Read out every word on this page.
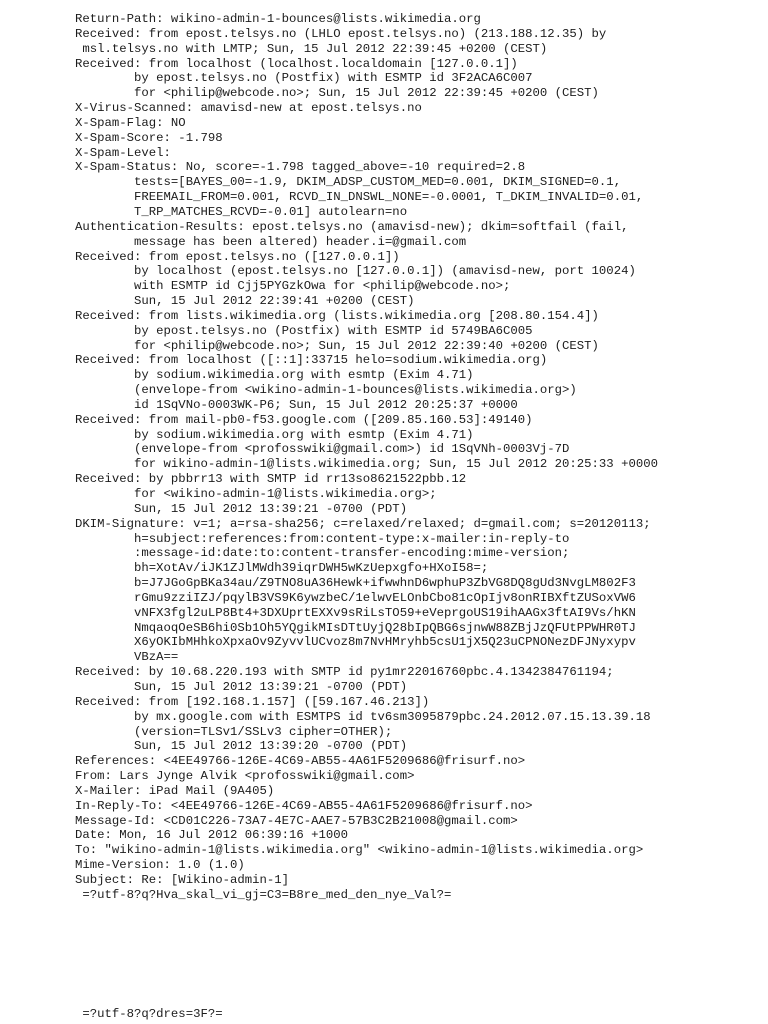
Return-Path: wikino-admin-1-bounces@lists.wikimedia.org
Received: from epost.telsys.no (LHLO epost.telsys.no) (213.188.12.35) by
msl.telsys.no with LMTP; Sun, 15 Jul 2012 22:39:45 +0200 (CEST)
Received: from localhost (localhost.localdomain [127.0.0.1])
by epost.telsys.no (Postfix) with ESMTP id 3F2ACA6C007
for <philip@webcode.no>; Sun, 15 Jul 2012 22:39:45 +0200 (CEST)
X-Virus-Scanned: amavisd-new at epost.telsys.no
X-Spam-Flag: NO
X-Spam-Score: -1.798
X-Spam-Level:
X-Spam-Status: No, score=-1.798 tagged_above=-10 required=2.8
tests=[BAYES_00=-1.9, DKIM_ADSP_CUSTOM_MED=0.001, DKIM_SIGNED=0.1,
FREEMAIL_FROM=0.001, RCVD_IN_DNSWL_NONE=-0.0001, T_DKIM_INVALID=0.01,
T_RP_MATCHES_RCVD=-0.01] autolearn=no
Authentication-Results: epost.telsys.no (amavisd-new); dkim=softfail (fail,
message has been altered) header.i=@gmail.com
Received: from epost.telsys.no ([127.0.0.1])
by localhost (epost.telsys.no [127.0.0.1]) (amavisd-new, port 10024)
with ESMTP id Cjj5PYGzkOwa for <philip@webcode.no>;
Sun, 15 Jul 2012 22:39:41 +0200 (CEST)
Received: from lists.wikimedia.org (lists.wikimedia.org [208.80.154.4])
by epost.telsys.no (Postfix) with ESMTP id 5749BA6C005
for <philip@webcode.no>; Sun, 15 Jul 2012 22:39:40 +0200 (CEST)
Received: from localhost ([::1]:33715 helo=sodium.wikimedia.org)
by sodium.wikimedia.org with esmtp (Exim 4.71)
(envelope-from <wikino-admin-1-bounces@lists.wikimedia.org>)
id 1SqVNo-0003WK-P6; Sun, 15 Jul 2012 20:25:37 +0000
Received: from mail-pb0-f53.google.com ([209.85.160.53]:49140)
by sodium.wikimedia.org with esmtp (Exim 4.71)
(envelope-from <profosswiki@gmail.com>) id 1SqVNh-0003Vj-7D
for wikino-admin-1@lists.wikimedia.org; Sun, 15 Jul 2012 20:25:33 +0000
Received: by pbbrr13 with SMTP id rr13so8621522pbb.12
for <wikino-admin-1@lists.wikimedia.org>;
Sun, 15 Jul 2012 13:39:21 -0700 (PDT)
DKIM-Signature: v=1; a=rsa-sha256; c=relaxed/relaxed; d=gmail.com; s=20120113;
h=subject:references:from:content-type:x-mailer:in-reply-to
:message-id:date:to:content-transfer-encoding:mime-version;
bh=XotAv/iJK1ZJlMWdh39iqrDWH5wKzUepxgfo+HXoI58=;
b=J7JGoGpBKa34au/Z9TNO8uA36Hewk+ifwwhnD6wphuP3ZbVG8DQ8gUd3NvgLM802F3
rGmu9zziIZJ/pqylB3VS9K6ywzbeC/1elwvELOnbCbo81cOpIjv8onRIBXftZUSoxVW6
vNFX3fgl2uLP8Bt4+3DXUprtEXXv9sRiLsTO59+eVeprgoUS19ihAAGx3ftAI9Vs/hKN
NmqaoqOeSB6hi0Sb1Oh5YQgikMIsDTtUyjQ28bIpQBG6sjnwW88ZBjJzQFUtPPWHR0TJ
X6yOKIbMHhkoXpxaOv9ZyvvlUCvoz8m7NvHMryhb5csU1jX5Q23uCPNONezDFJNyxypv
VBzA==
Received: by 10.68.220.193 with SMTP id py1mr22016760pbc.4.1342384761194;
Sun, 15 Jul 2012 13:39:21 -0700 (PDT)
Received: from [192.168.1.157] ([59.167.46.213])
by mx.google.com with ESMTPS id tv6sm3095879pbc.24.2012.07.15.13.39.18
(version=TLSv1/SSLv3 cipher=OTHER);
Sun, 15 Jul 2012 13:39:20 -0700 (PDT)
References: <4EE49766-126E-4C69-AB55-4A61F5209686@frisurf.no>
From: Lars Jynge Alvik <profosswiki@gmail.com>
X-Mailer: iPad Mail (9A405)
In-Reply-To: <4EE49766-126E-4C69-AB55-4A61F5209686@frisurf.no>
Message-Id: <CD01C226-73A7-4E7C-AAE7-57B3C2B21008@gmail.com>
Date: Mon, 16 Jul 2012 06:39:16 +1000
To: "wikino-admin-1@lists.wikimedia.org" <wikino-admin-1@lists.wikimedia.org>
Mime-Version: 1.0 (1.0)
Subject: Re: [Wikino-admin-1]
=?utf-8?q?Hva_skal_vi_gj=C3=B8re_med_den_nye_Val?=
=?utf-8?q?dres=3F?=
